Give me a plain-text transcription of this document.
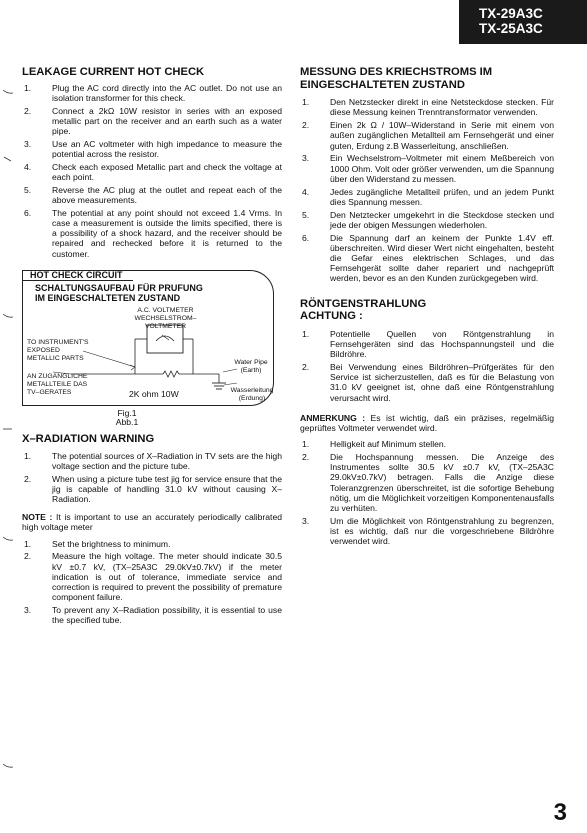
TX-29A3C
TX-25A3C
LEAKAGE CURRENT HOT CHECK
1. Plug the AC cord directly into the AC outlet. Do not use an isolation transformer for this check.
2. Connect a 2kΩ 10W resistor in series with an exposed metallic part on the receiver and an earth such as a water pipe.
3. Use an AC voltmeter with high impedance to measure the potential across the resistor.
4. Check each exposed Metallic part and check the voltage at each point.
5. Reverse the AC plug at the outlet and repeat each of the above measurements.
6. The potential at any point should not exceed 1.4 Vrms. In case a measurement is outside the limits specified, there is a possibility of a shock hazard, and the receiver should be repaired and rechecked before it is returned to the customer.
HOT CHECK CIRCUIT
SCHALTUNGSAUFBAU FÜR PRUFUNG
IM EINGESCHALTETEN ZUSTAND
A.C. VOLTMETER
WECHSELSTROM–VOLTMETER
TO INSTRUMENT'S
EXPOSED
METALLIC PARTS
AN ZUGANGLICHE
METALLTEILE DAS
TV–GERATES
Water Pipe
(Earth)
Wasserleitung
(Erdung)
2K ohm 10W
Fig.1
Abb.1
X–RADIATION WARNING
1. The potential sources of X–Radiation in TV sets are the high voltage section and the picture tube.
2. When using a picture tube test jig for service ensure that the jig is capable of handling 31.0 kV without causing X–Radiation.

NOTE : It is important to use an accurately periodically calibrated high voltage meter

1. Set the brightness to minimum.
2. Measure the high voltage. The meter should indicate 30.5 kV ±0.7 kV, (TX–25A3C 29.0kV±0.7kV) if the meter indication is out of tolerance, immediate service and correction is required to prevent the possibility of premature component failure.
3. To prevent any X–Radiation possibility, it is essential to use the specified tube.
MESSUNG DES KRIECHSTROMS IM
EINGESCHALTETEN ZUSTAND
1. Den Netzstecker direkt in eine Netsteckdose stecken. Für diese Messung keinen Trenntransformator verwenden.
2. Einen 2k Ω / 10W–Widerstand in Serie mit einem von außen zugänglichen Metallteil am Fernsehgerät und einer guten, Erdung z.B Wasserleitung, anschließen.
3. Ein Wechselstrom–Voltmeter mit einem Meßbereich von 1000 Ohm. Volt oder größer verwenden, um die Spannung über den Widerstand zu messen.
4. Jedes zugängliche Metallteil prüfen, und an jedem Punkt dies Spannung messen.
5. Den Netztecker umgekehrt in die Steckdose stecken und jede der obigen Messungen wiederholen.
6. Die Spannung darf an keinem der Punkte 1.4V eff. überschreiten. Wird dieser Wert nicht eingehalten, besteht die Gefar eines elektrischen Schlages, und das Fernsehgerät sollte daher repariert und nachgeprüft werden, bevor es an den Kunden zurückgegeben wird.
RÖNTGENSTRAHLUNG
ACHTUNG :
1. Potentielle Quellen von Röntgenstrahlung in Fernsehgeräten sind das Hochspannungsteil und die Bildröhre.
2. Bei Verwendung eines Bildröhren–Prüfgerätes für den Service ist sicherzustellen, daß es für die Belastung von 31.0 kV geeignet ist, ohne daß eine Röntgenstrahlung verursacht wird.

ANMERKUNG : Es ist wichtig, daß ein präzises, regelmäßig geprüftes Voltmeter verwendet wird.

1. Helligkeit auf Minimum stellen.
2. Die Hochspannung messen. Die Anzeige des Instrumentes sollte 30.5 kV ±0.7 kV, (TX–25A3C 29.0kV±0.7kV) betragen. Falls die Anzige diese Toleranzgrenzen überschreitet, ist die sofortige Behebung nötig, um die Möglichkeit vorzeitigen Komponentenausfalls zu verhüten.
3. Um die Möglichkeit von Röntgenstrahlung zu begrenzen, ist es wichtig, daß nur die vorgeschriebene Bildröhre verwendet wird.
3
